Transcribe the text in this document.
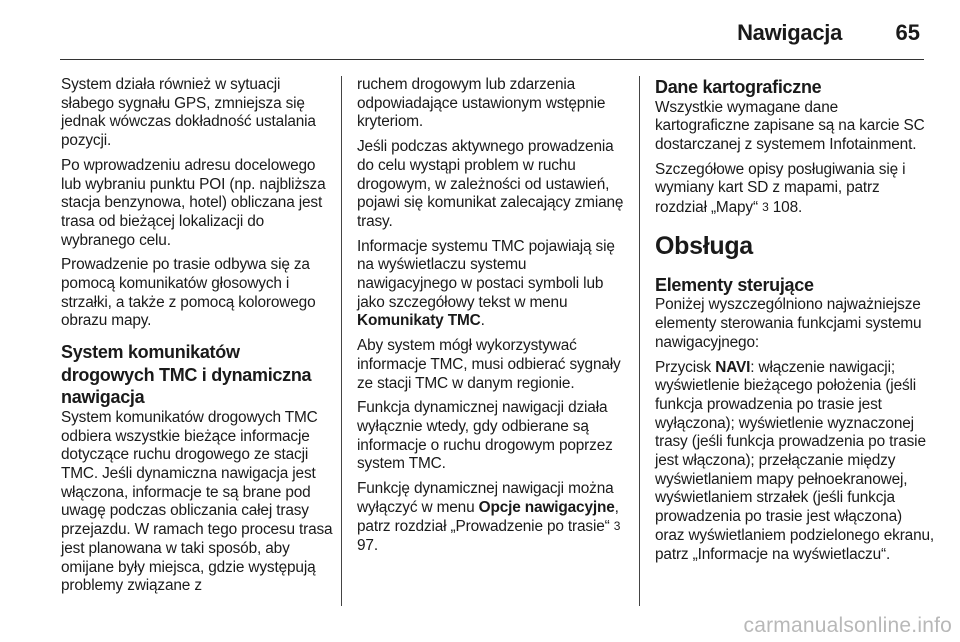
Nawigacja 65

System działa również w sytuacji słabego sygnału GPS, zmniejsza się jednak wówczas dokładność ustalania pozycji.

Po wprowadzeniu adresu docelowego lub wybraniu punktu POI (np. najbliższa stacja benzynowa, hotel) obliczana jest trasa od bieżącej lokalizacji do wybranego celu.

Prowadzenie po trasie odbywa się za pomocą komunikatów głosowych i strzałki, a także z pomocą kolorowego obrazu mapy.

System komunikatów drogowych TMC i dynamiczna nawigacja

System komunikatów drogowych TMC odbiera wszystkie bieżące informacje dotyczące ruchu drogowego ze stacji TMC. Jeśli dynamiczna nawigacja jest włączona, informacje te są brane pod uwagę podczas obliczania całej trasy przejazdu. W ramach tego procesu trasa jest planowana w taki sposób, aby omijane były miejsca, gdzie występują problemy związane z

ruchem drogowym lub zdarzenia odpowiadające ustawionym wstępnie kryteriom.

Jeśli podczas aktywnego prowadzenia do celu wystąpi problem w ruchu drogowym, w zależności od ustawień, pojawi się komunikat zalecający zmianę trasy.

Informacje systemu TMC pojawiają się na wyświetlaczu systemu nawigacyjnego w postaci symboli lub jako szczegółowy tekst w menu Komunikaty TMC.

Aby system mógł wykorzystywać informacje TMC, musi odbierać sygnały ze stacji TMC w danym regionie.

Funkcja dynamicznej nawigacji działa wyłącznie wtedy, gdy odbierane są informacje o ruchu drogowym poprzez system TMC.

Funkcję dynamicznej nawigacji można wyłączyć w menu Opcje nawigacyjne, patrz rozdział „Prowadzenie po trasie“ 3 97.

Dane kartograficzne

Wszystkie wymagane dane kartograficzne zapisane są na karcie SC dostarczanej z systemem Infotainment.

Szczegółowe opisy posługiwania się i wymiany kart SD z mapami, patrz rozdział „Mapy“ 3 108.

Obsługa
Elementy sterujące

Poniżej wyszczególniono najważniejsze elementy sterowania funkcjami systemu nawigacyjnego:

Przycisk NAVI: włączenie nawigacji; wyświetlenie bieżącego położenia (jeśli funkcja prowadzenia po trasie jest wyłączona); wyświetlenie wyznaczonej trasy (jeśli funkcja prowadzenia po trasie jest włączona); przełączanie między wyświetlaniem mapy pełnoekranowej, wyświetlaniem strzałek (jeśli funkcja prowadzenia po trasie jest włączona) oraz wyświetlaniem podzielonego ekranu, patrz „Informacje na wyświetlaczu“.

carmanualsonline.info
